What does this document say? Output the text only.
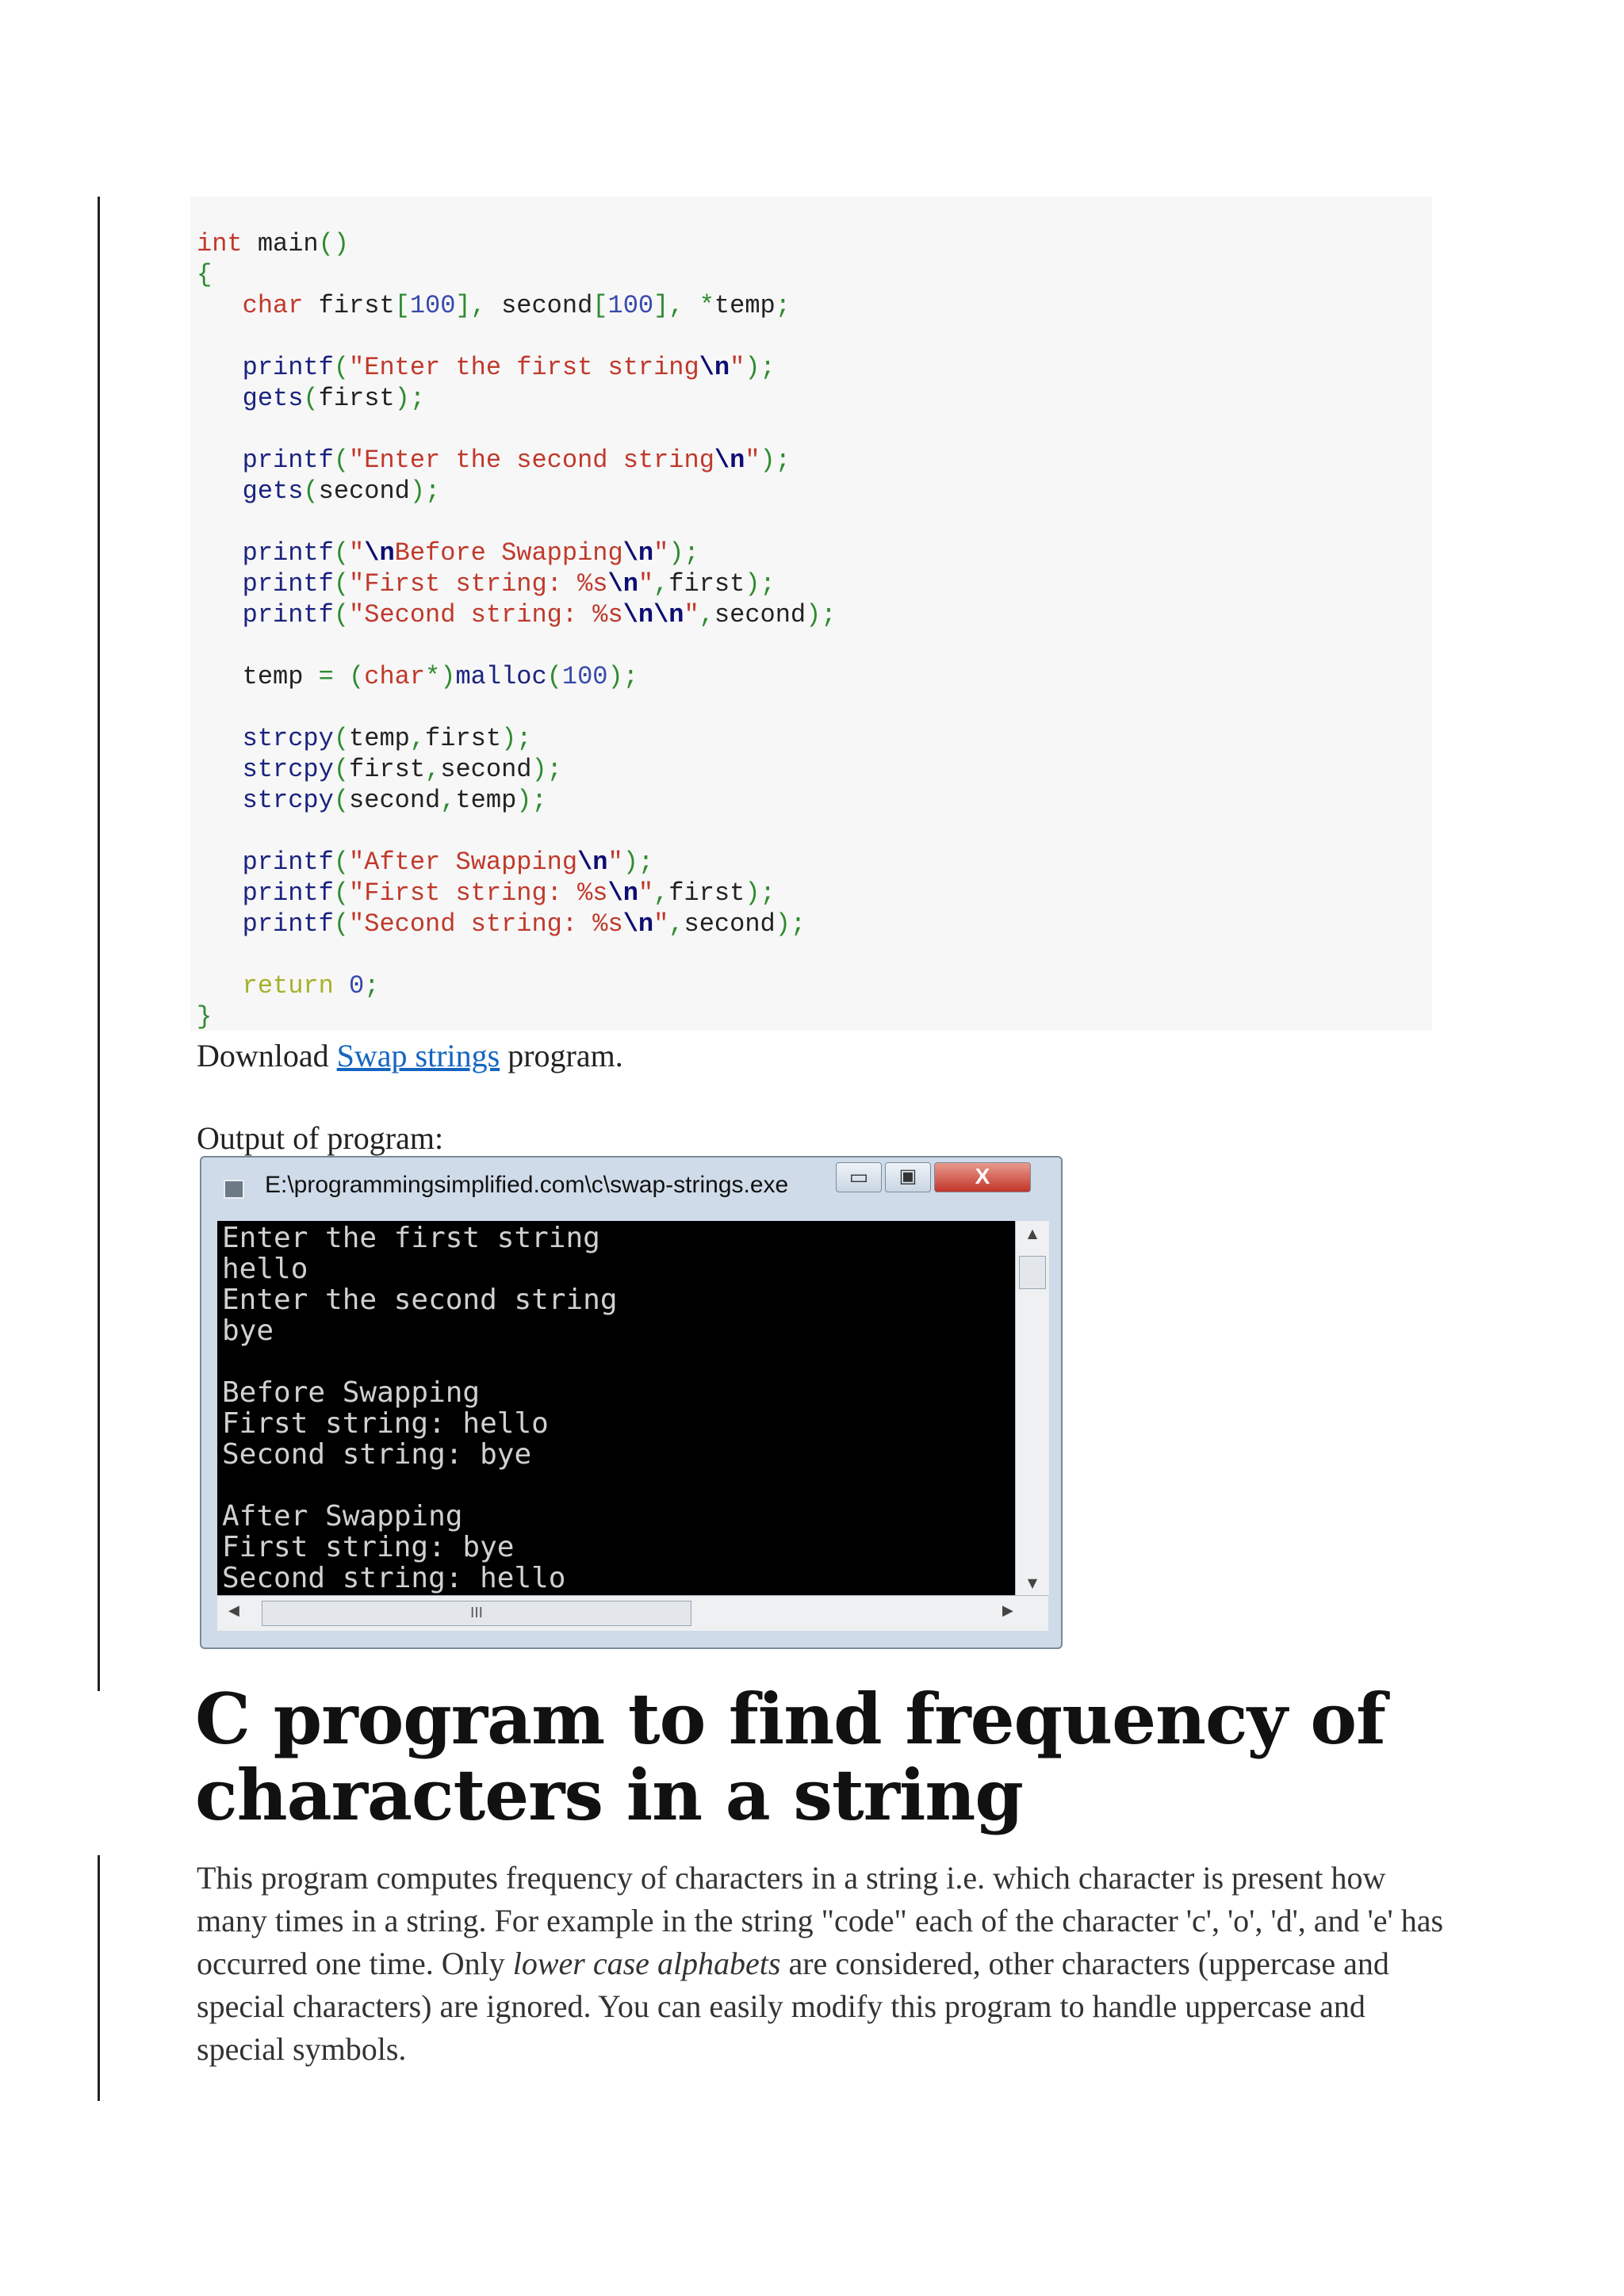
int main()
{
char first[100], second[100], *temp;
printf("Enter the first string\n");
gets(first);
printf("Enter the second string\n");
gets(second);
printf("\nBefore Swapping\n");
printf("First string: %s\n",first);
printf("Second string: %s\n\n",second);
temp = (char*)malloc(100);
strcpy(temp,first);
strcpy(first,second);
strcpy(second,temp);
printf("After Swapping\n");
printf("First string: %s\n",first);
printf("Second string: %s\n",second);
return 0;
}
Download Swap strings program.
Output of program:
E:\programmingsimplified.com\c\swap-strings.exe	▭	▣	X
Enter the first string
hello
Enter the second string
bye
Before Swapping
First string: hello
Second string: bye
After Swapping
First string: bye
Second string: hello
▲
▼
◀	III	▶
C program to find frequency of characters in a string

This program computes frequency of characters in a string i.e. which character is present how many times in a string. For example in the string "code" each of the character 'c', 'o', 'd', and 'e' has occurred one time. Only lower case alphabets are considered, other characters (uppercase and special characters) are ignored. You can easily modify this program to handle uppercase and special symbols.
